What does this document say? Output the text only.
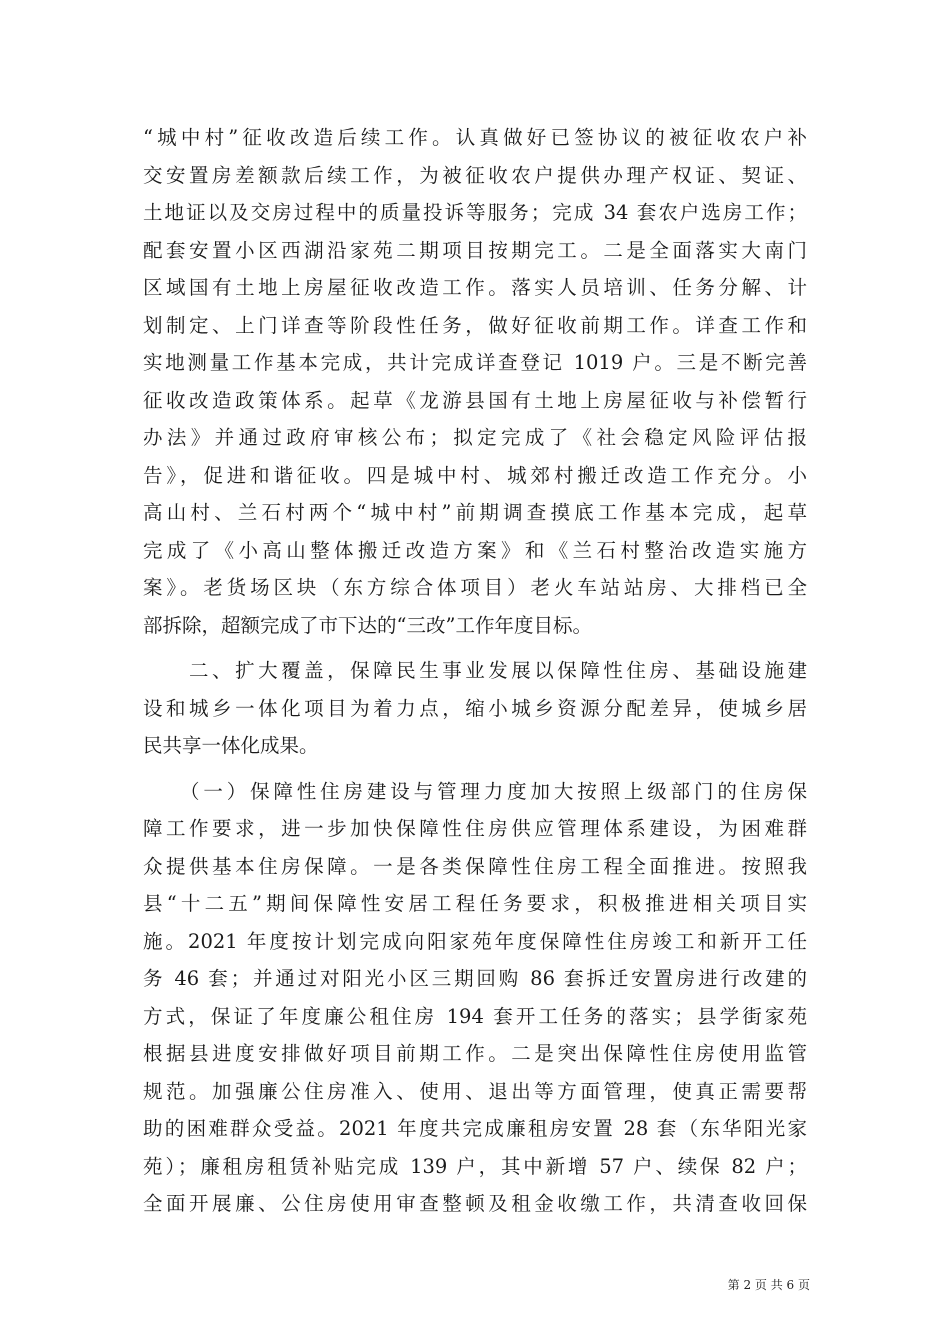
“城中村”征收改造后续工作。认真做好已签协议的被征收农户补
交安置房差额款后续工作，为被征收农户提供办理产权证、契证、
土地证以及交房过程中的质量投诉等服务；完成 34 套农户选房工作；
配套安置小区西湖沿家苑二期项目按期完工。二是全面落实大南门
区域国有土地上房屋征收改造工作。落实人员培训、任务分解、计
划制定、上门详查等阶段性任务，做好征收前期工作。详查工作和
实地测量工作基本完成，共计完成详查登记 1019 户。三是不断完善
征收改造政策体系。起草《龙游县国有土地上房屋征收与补偿暂行
办法》并通过政府审核公布；拟定完成了《社会稳定风险评估报
告》，促进和谐征收。四是城中村、城郊村搬迁改造工作充分。小
高山村、兰石村两个“城中村”前期调查摸底工作基本完成，起草
完成了《小高山整体搬迁改造方案》和《兰石村整治改造实施方
案》。老货场区块（东方综合体项目）老火车站站房、大排档已全
部拆除，超额完成了市下达的“三改”工作年度目标。
　　二、扩大覆盖，保障民生事业发展以保障性住房、基础设施建
设和城乡一体化项目为着力点，缩小城乡资源分配差异，使城乡居
民共享一体化成果。
　　（一）保障性住房建设与管理力度加大按照上级部门的住房保
障工作要求，进一步加快保障性住房供应管理体系建设，为困难群
众提供基本住房保障。一是各类保障性住房工程全面推进。按照我
县“十二五”期间保障性安居工程任务要求，积极推进相关项目实
施。2021 年度按计划完成向阳家苑年度保障性住房竣工和新开工任
务 46 套；并通过对阳光小区三期回购 86 套拆迁安置房进行改建的
方式，保证了年度廉公租住房 194 套开工任务的落实；县学街家苑
根据县进度安排做好项目前期工作。二是突出保障性住房使用监管
规范。加强廉公住房准入、使用、退出等方面管理，使真正需要帮
助的困难群众受益。2021 年度共完成廉租房安置 28 套（东华阳光家
苑）；廉租房租赁补贴完成 139 户，其中新增 57 户、续保 82 户；
全面开展廉、公住房使用审查整顿及租金收缴工作，共清查收回保
第 2 页 共 6 页
